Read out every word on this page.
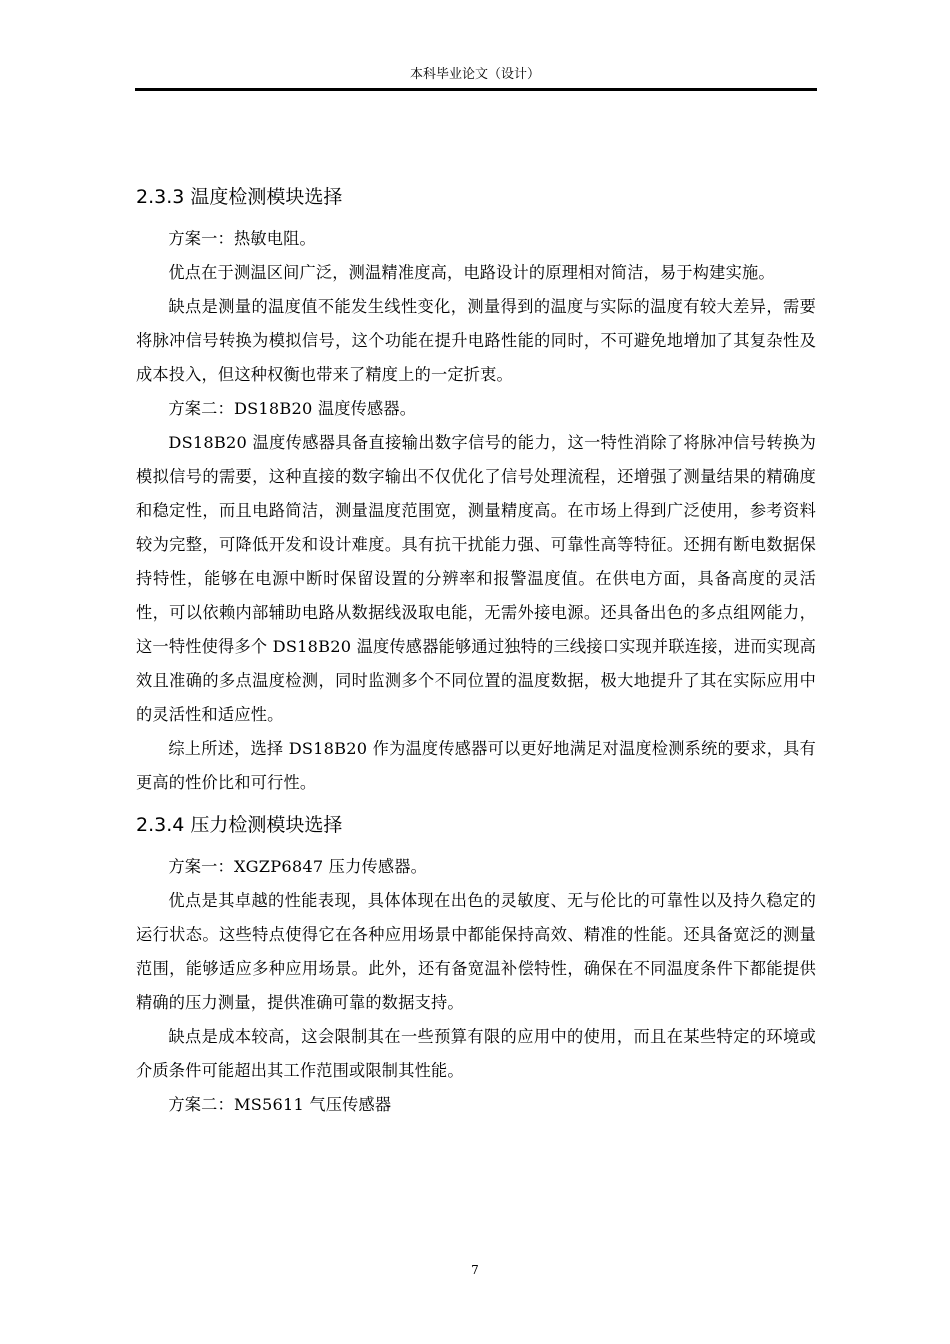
本科毕业论文（设计）
2.3.3 温度检测模块选择

方案一：热敏电阻。

优点在于测温区间广泛，测温精准度高，电路设计的原理相对简洁，易于构建实施。

缺点是测量的温度值不能发生线性变化，测量得到的温度与实际的温度有较大差异，需要将脉冲信号转换为模拟信号，这个功能在提升电路性能的同时，不可避免地增加了其复杂性及成本投入，但这种权衡也带来了精度上的一定折衷。

方案二：DS18B20 温度传感器。

DS18B20 温度传感器具备直接输出数字信号的能力，这一特性消除了将脉冲信号转换为模拟信号的需要，这种直接的数字输出不仅优化了信号处理流程，还增强了测量结果的精确度和稳定性，而且电路简洁，测量温度范围宽，测量精度高。在市场上得到广泛使用，参考资料较为完整，可降低开发和设计难度。具有抗干扰能力强、可靠性高等特征。还拥有断电数据保持特性，能够在电源中断时保留设置的分辨率和报警温度值。在供电方面，具备高度的灵活性，可以依赖内部辅助电路从数据线汲取电能，无需外接电源。还具备出色的多点组网能力，这一特性使得多个 DS18B20 温度传感器能够通过独特的三线接口实现并联连接，进而实现高效且准确的多点温度检测，同时监测多个不同位置的温度数据，极大地提升了其在实际应用中的灵活性和适应性。

综上所述，选择 DS18B20 作为温度传感器可以更好地满足对温度检测系统的要求，具有更高的性价比和可行性。

2.3.4 压力检测模块选择

方案一：XGZP6847 压力传感器。

优点是其卓越的性能表现，具体体现在出色的灵敏度、无与伦比的可靠性以及持久稳定的运行状态。这些特点使得它在各种应用场景中都能保持高效、精准的性能。还具备宽泛的测量范围，能够适应多种应用场景。此外，还有备宽温补偿特性，确保在不同温度条件下都能提供精确的压力测量，提供准确可靠的数据支持。

缺点是成本较高，这会限制其在一些预算有限的应用中的使用，而且在某些特定的环境或介质条件可能超出其工作范围或限制其性能。

方案二：MS5611 气压传感器

7
